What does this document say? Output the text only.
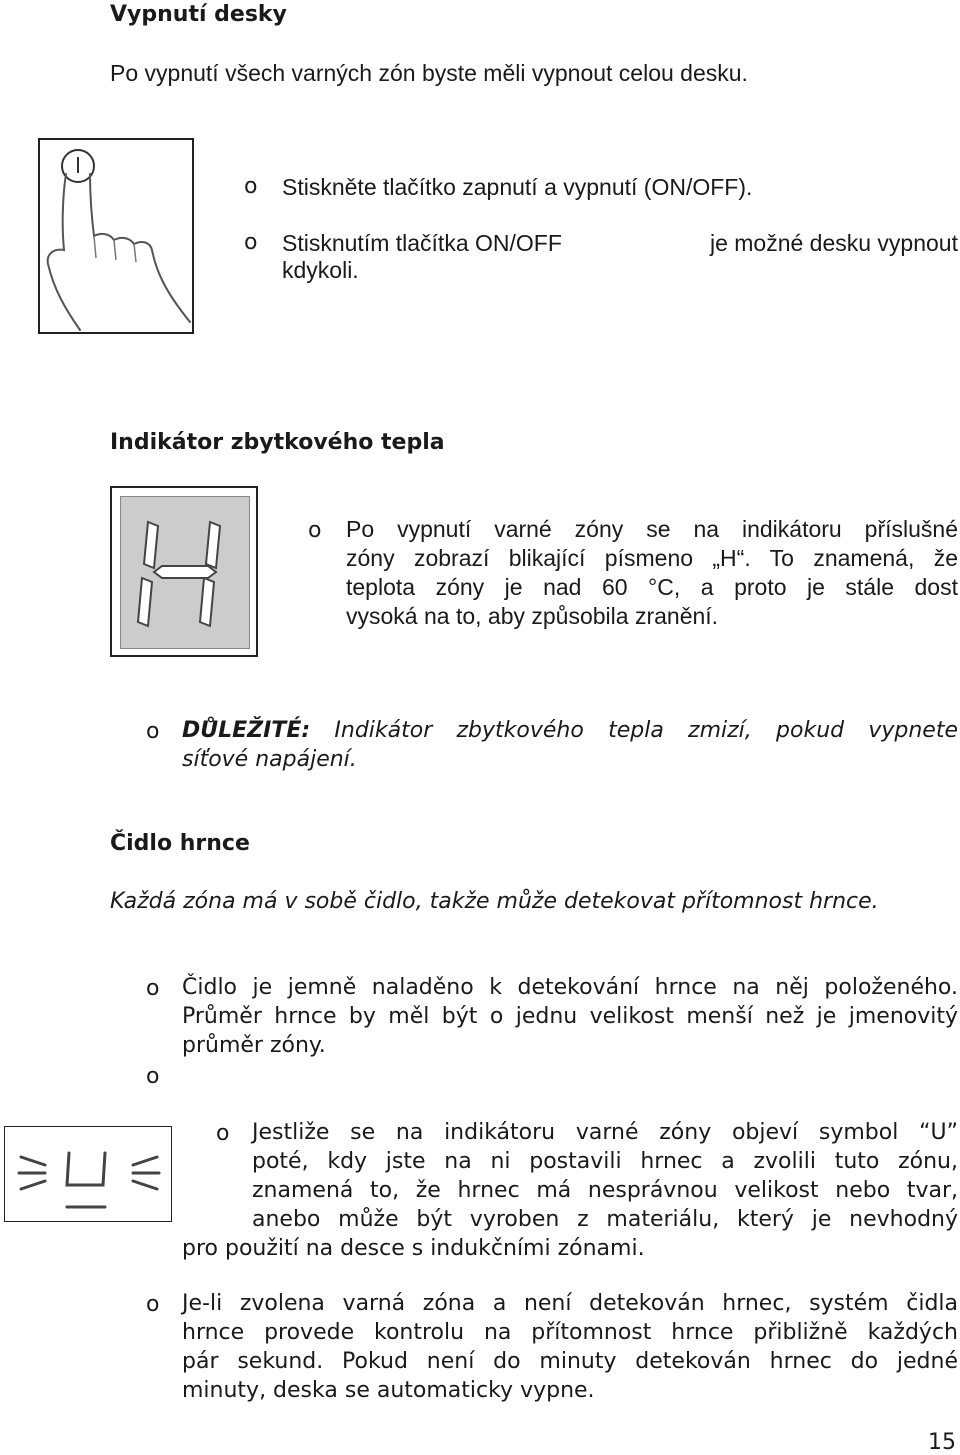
Vypnutí desky
Po vypnutí všech varných zón byste měli vypnout celou desku.
o Stiskněte tlačítko zapnutí a vypnutí (ON/OFF).
o Stisknutím tlačítka ON/OFF	je možné desku vypnout
kdykoli.
Indikátor zbytkového tepla
o Po vypnutí varné zóny se na indikátoru příslušné
zóny zobrazí blikající písmeno „H“. To znamená, že
teplota zóny je nad 60 °C, a proto je stále dost
vysoká na to, aby způsobila zranění.
o DŮLEŽITÉ: Indikátor zbytkového tepla zmizí, pokud vypnete
síťové napájení.
Čidlo hrnce
Každá zóna má v sobě čidlo, takže může detekovat přítomnost hrnce.
o Čidlo je jemně naladěno k detekování hrnce na něj položeného.
Průměr hrnce by měl být o jednu velikost menší než je jmenovitý
průměr zóny.
o
o Jestliže se na indikátoru varné zóny objeví symbol “U”
poté, kdy jste na ni postavili hrnec a zvolili tuto zónu,
znamená to, že hrnec má nesprávnou velikost nebo tvar,
anebo může být vyroben z materiálu, který je nevhodný
pro použití na desce s indukčními zónami.
o Je-li zvolena varná zóna a není detekován hrnec, systém čidla
hrnce provede kontrolu na přítomnost hrnce přibližně každých
pár sekund. Pokud není do minuty detekován hrnec do jedné
minuty, deska se automaticky vypne.
15
